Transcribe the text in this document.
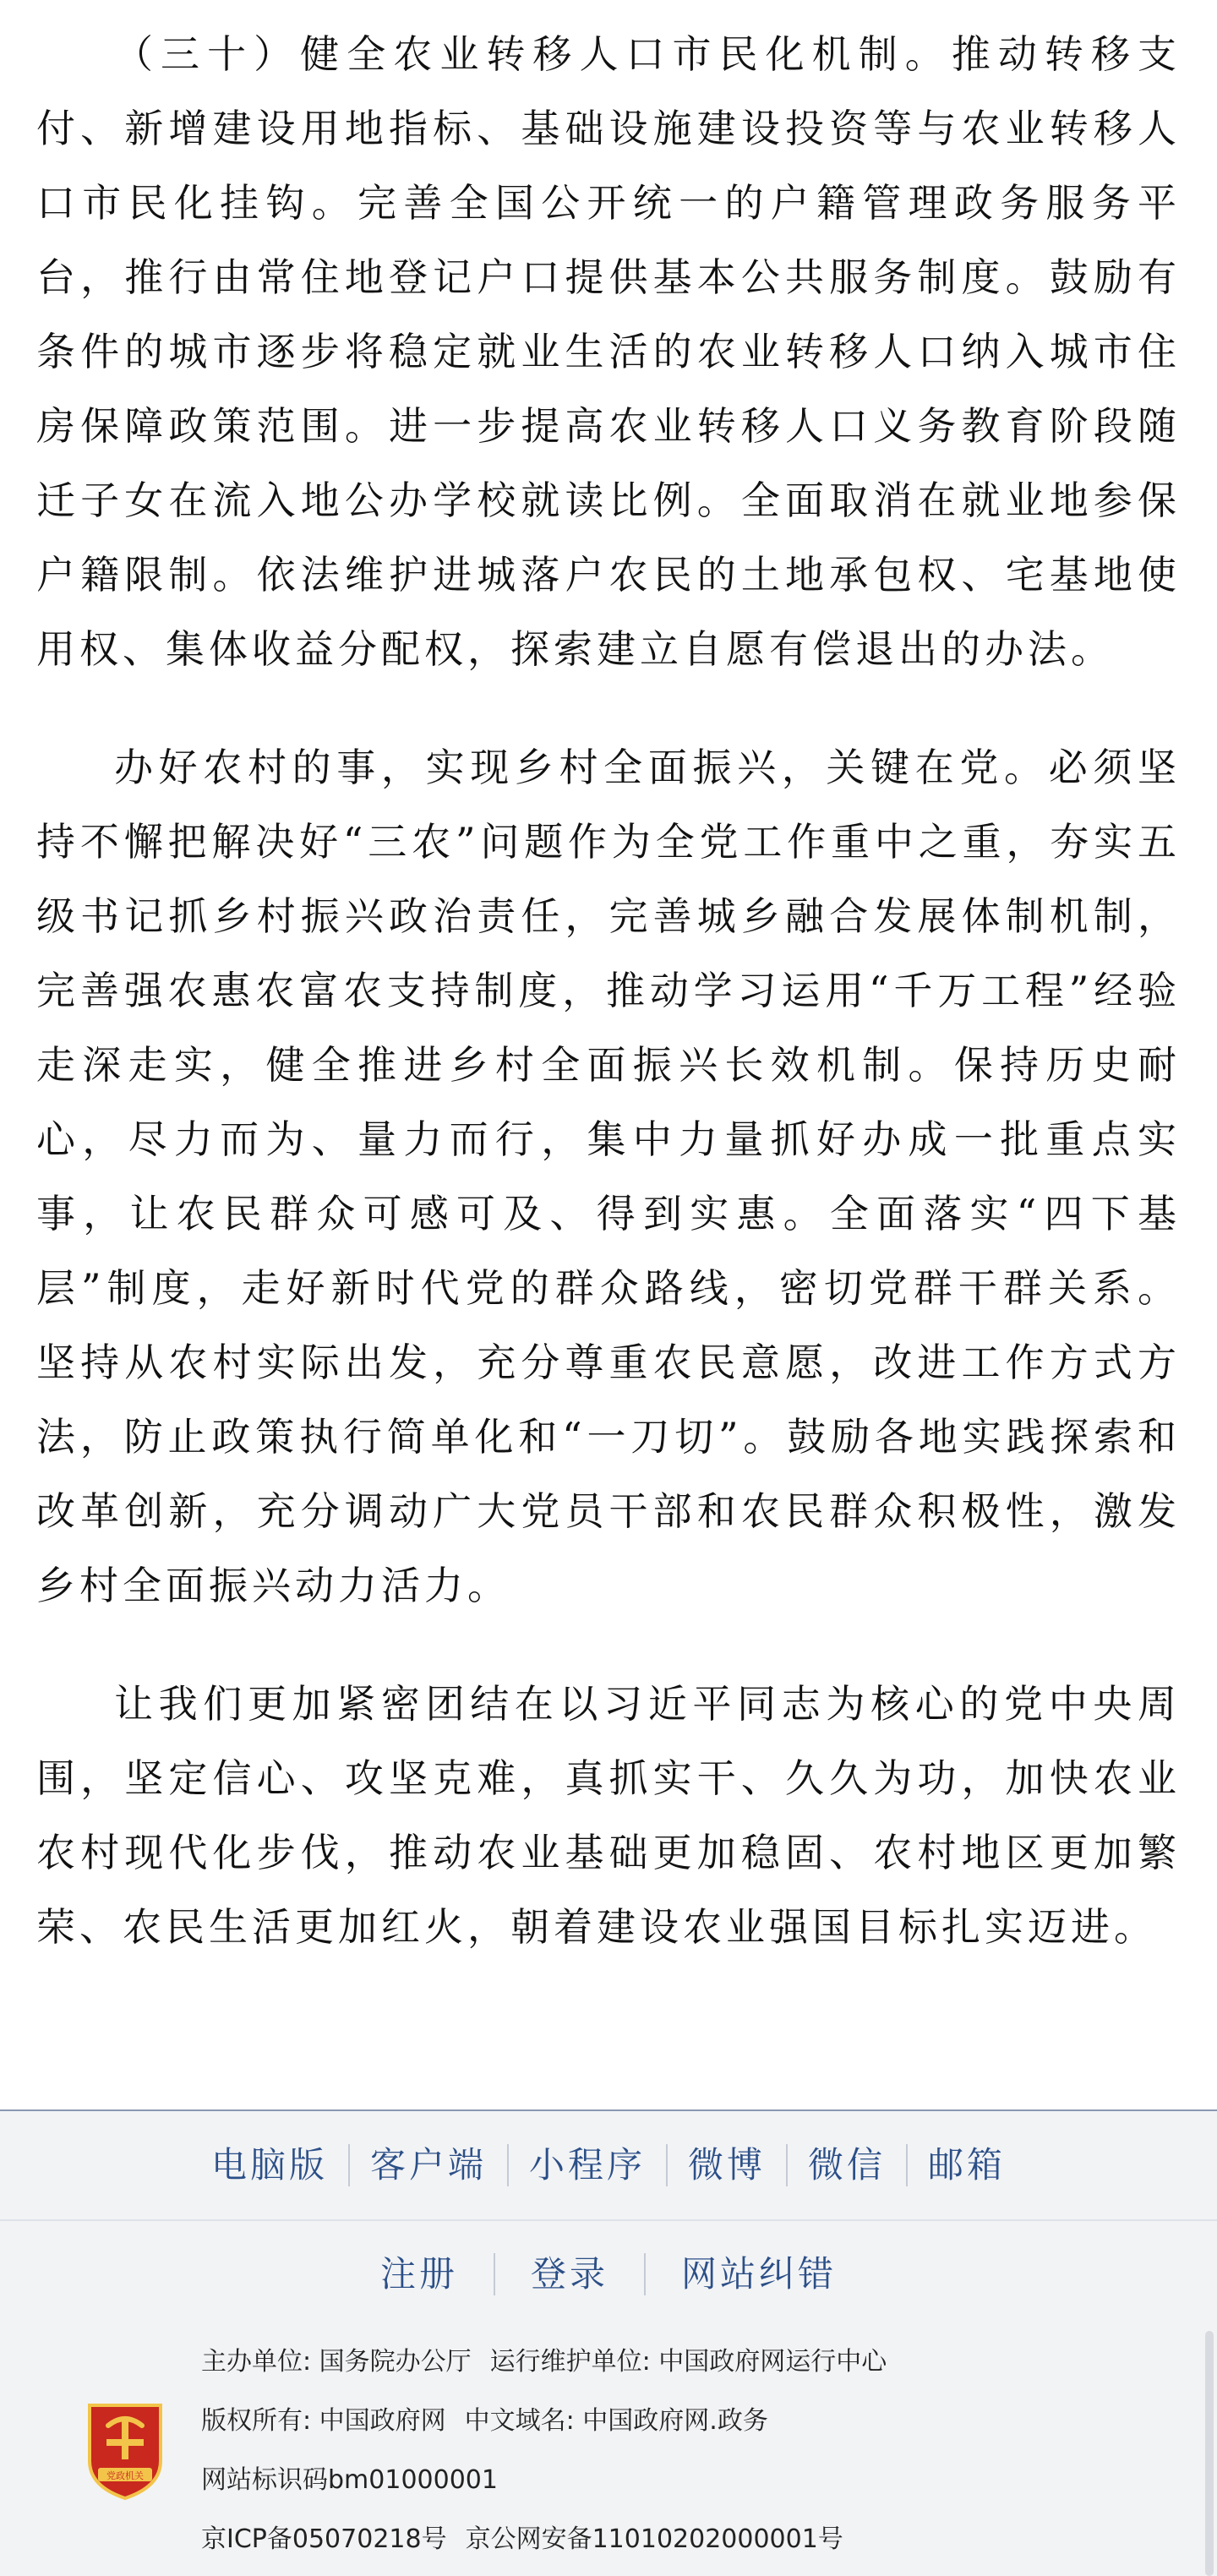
（三十）健全农业转移人口市民化机制。推动转移支付、新增建设用地指标、基础设施建设投资等与农业转移人口市民化挂钩。完善全国公开统一的户籍管理政务服务平台，推行由常住地登记户口提供基本公共服务制度。鼓励有条件的城市逐步将稳定就业生活的农业转移人口纳入城市住房保障政策范围。进一步提高农业转移人口义务教育阶段随迁子女在流入地公办学校就读比例。全面取消在就业地参保户籍限制。依法维护进城落户农民的土地承包权、宅基地使用权、集体收益分配权，探索建立自愿有偿退出的办法。

办好农村的事，实现乡村全面振兴，关键在党。必须坚持不懈把解决好“三农”问题作为全党工作重中之重，夯实五级书记抓乡村振兴政治责任，完善城乡融合发展体制机制，完善强农惠农富农支持制度，推动学习运用“千万工程”经验走深走实，健全推进乡村全面振兴长效机制。保持历史耐心，尽力而为、量力而行，集中力量抓好办成一批重点实事，让农民群众可感可及、得到实惠。全面落实“四下基层”制度，走好新时代党的群众路线，密切党群干群关系。坚持从农村实际出发，充分尊重农民意愿，改进工作方式方法，防止政策执行简单化和“一刀切”。鼓励各地实践探索和改革创新，充分调动广大党员干部和农民群众积极性，激发乡村全面振兴动力活力。

让我们更加紧密团结在以习近平同志为核心的党中央周围，坚定信心、攻坚克难，真抓实干、久久为功，加快农业农村现代化步伐，推动农业基础更加稳固、农村地区更加繁荣、农民生活更加红火，朝着建设农业强国目标扎实迈进。

电脑版	客户端	小程序	微博	微信	邮箱
注册	登录	网站纠错
党政机关
主办单位: 国务院办公厅 运行维护单位: 中国政府网运行中心
版权所有: 中国政府网 中文域名: 中国政府网.政务
网站标识码bm01000001
京ICP备05070218号 京公网安备11010202000001号
